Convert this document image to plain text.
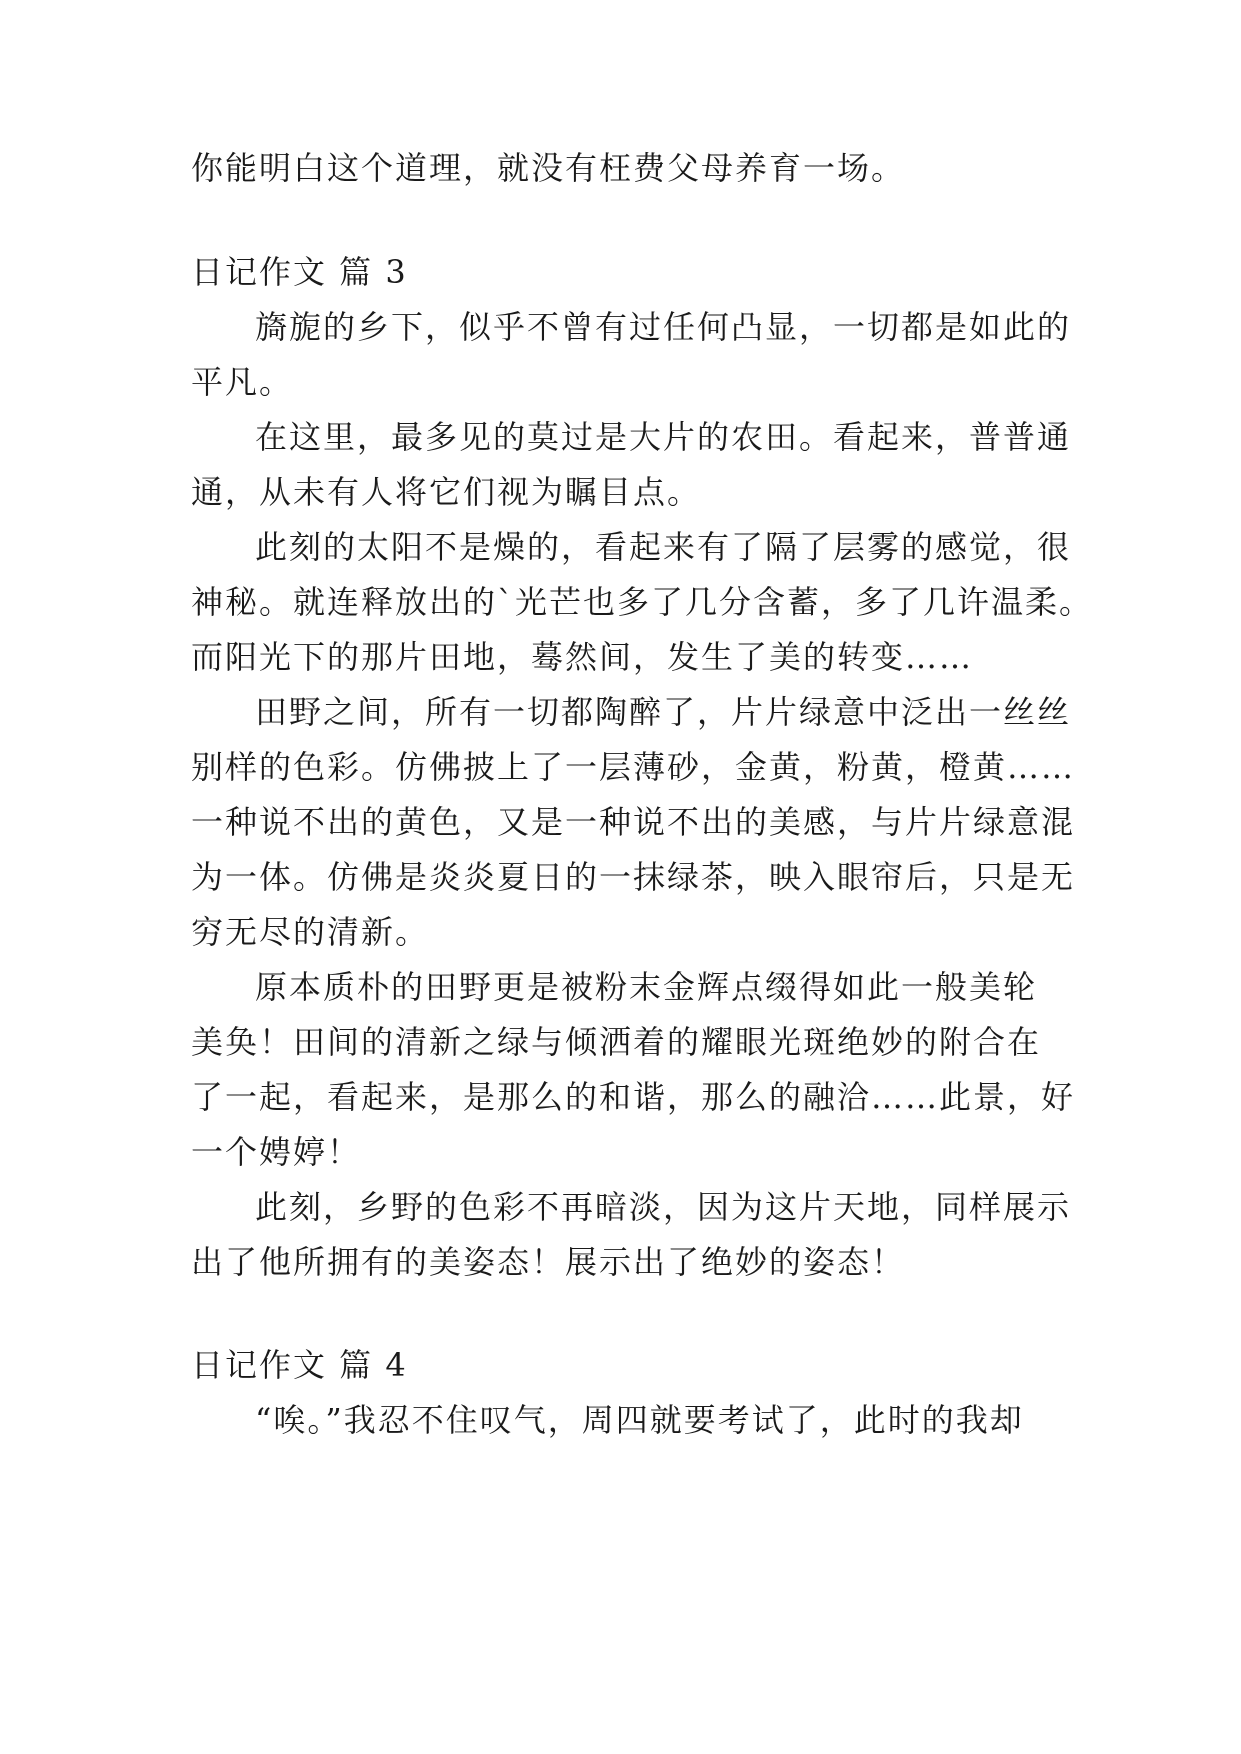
你能明白这个道理，就没有枉费父母养育一场。
日记作文 篇 3
旖旎的乡下，似乎不曾有过任何凸显，一切都是如此的
平凡。
在这里，最多见的莫过是大片的农田。看起来，普普通
通，从未有人将它们视为瞩目点。
此刻的太阳不是燥的，看起来有了隔了层雾的感觉，很
神秘。就连释放出的`光芒也多了几分含蓄，多了几许温柔。
而阳光下的那片田地，蓦然间，发生了美的转变……
田野之间，所有一切都陶醉了，片片绿意中泛出一丝丝
别样的色彩。仿佛披上了一层薄砂，金黄，粉黄，橙黄……
一种说不出的黄色，又是一种说不出的美感，与片片绿意混
为一体。仿佛是炎炎夏日的一抹绿茶，映入眼帘后，只是无
穷无尽的清新。
原本质朴的田野更是被粉末金辉点缀得如此一般美轮
美奂！田间的清新之绿与倾洒着的耀眼光斑绝妙的附合在
了一起，看起来，是那么的和谐，那么的融洽……此景，好
一个娉婷！
此刻，乡野的色彩不再暗淡，因为这片天地，同样展示
出了他所拥有的美姿态！展示出了绝妙的姿态！
日记作文 篇 4
“唉。”我忍不住叹气，周四就要考试了，此时的我却
